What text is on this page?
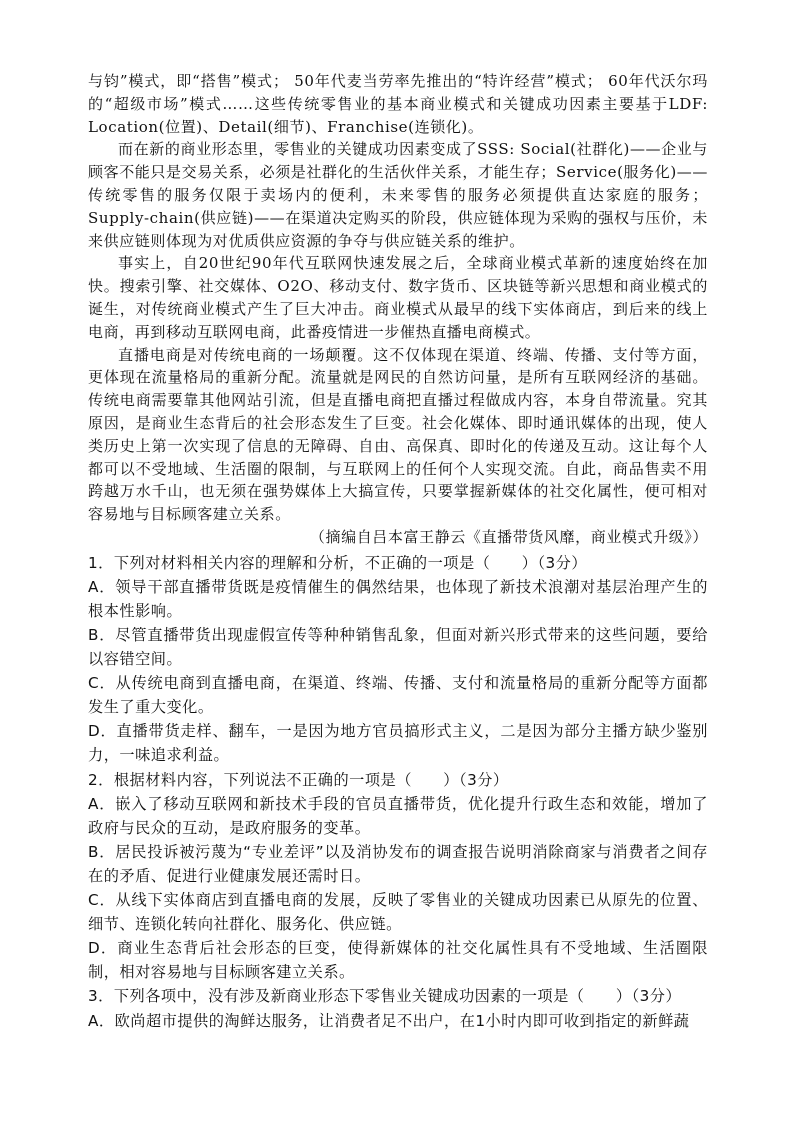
与钧”模式，即“搭售”模式； 50年代麦当劳率先推出的“特许经营”模式； 60年代沃尔玛的“超级市场”模式……这些传统零售业的基本商业模式和关键成功因素主要基于LDF: Location(位置)、Detail(细节)、Franchise(连锁化)。

而在新的商业形态里，零售业的关键成功因素变成了SSS: Social(社群化)——企业与顾客不能只是交易关系，必须是社群化的生活伙伴关系，才能生存；Service(服务化)——传统零售的服务仅限于卖场内的便利，未来零售的服务必须提供直达家庭的服务；Supply-chain(供应链)——在渠道决定购买的阶段，供应链体现为采购的强权与压价，未来供应链则体现为对优质供应资源的争夺与供应链关系的维护。

事实上，自20世纪90年代互联网快速发展之后，全球商业模式革新的速度始终在加快。搜索引擎、社交媒体、O2O、移动支付、数字货币、区块链等新兴思想和商业模式的诞生，对传统商业模式产生了巨大冲击。商业模式从最早的线下实体商店，到后来的线上电商，再到移动互联网电商，此番疫情进一步催热直播电商模式。

直播电商是对传统电商的一场颠覆。这不仅体现在渠道、终端、传播、支付等方面，更体现在流量格局的重新分配。流量就是网民的自然访问量，是所有互联网经济的基础。传统电商需要靠其他网站引流，但是直播电商把直播过程做成内容，本身自带流量。究其原因，是商业生态背后的社会形态发生了巨变。社会化媒体、即时通讯媒体的出现，使人类历史上第一次实现了信息的无障碍、自由、高保真、即时化的传递及互动。这让每个人都可以不受地域、生活圈的限制，与互联网上的任何个人实现交流。自此，商品售卖不用跨越万水千山，也无须在强势媒体上大搞宣传，只要掌握新媒体的社交化属性，便可相对容易地与目标顾客建立关系。

（摘编自吕本富王静云《直播带货风靡，商业模式升级》）

1．下列对材料相关内容的理解和分析，不正确的一项是（　　）（3分）

A．领导干部直播带货既是疫情催生的偶然结果，也体现了新技术浪潮对基层治理产生的根本性影响。

B．尽管直播带货出现虚假宣传等种种销售乱象，但面对新兴形式带来的这些问题，要给以容错空间。

C．从传统电商到直播电商，在渠道、终端、传播、支付和流量格局的重新分配等方面都发生了重大变化。

D．直播带货走样、翻车，一是因为地方官员搞形式主义，二是因为部分主播方缺少鉴别力，一味追求利益。

2．根据材料内容，下列说法不正确的一项是（　　）（3分）

A．嵌入了移动互联网和新技术手段的官员直播带货，优化提升行政生态和效能，增加了政府与民众的互动，是政府服务的变革。

B．居民投诉被污蔑为“专业差评”以及消协发布的调查报告说明消除商家与消费者之间存在的矛盾、促进行业健康发展还需时日。

C．从线下实体商店到直播电商的发展，反映了零售业的关键成功因素已从原先的位置、细节、连锁化转向社群化、服务化、供应链。

D．商业生态背后社会形态的巨变，使得新媒体的社交化属性具有不受地域、生活圈限制，相对容易地与目标顾客建立关系。

3．下列各项中，没有涉及新商业形态下零售业关键成功因素的一项是（　　）（3分）

A．欧尚超市提供的淘鲜达服务，让消费者足不出户，在1小时内即可收到指定的新鲜蔬
